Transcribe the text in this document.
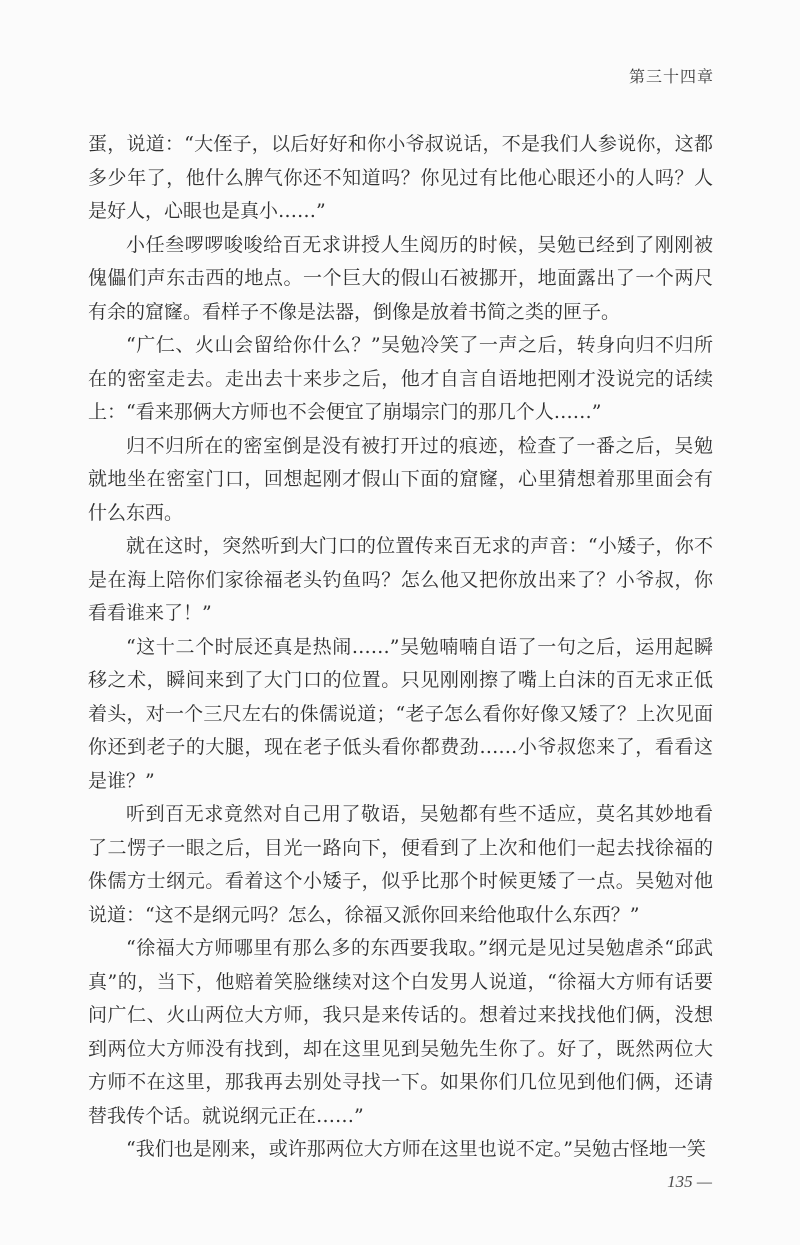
第三十四章

蛋，说道：“大侄子，以后好好和你小爷叔说话，不是我们人参说你，这都多少年了，他什么脾气你还不知道吗？你见过有比他心眼还小的人吗？人是好人，心眼也是真小……”

小任叁啰啰唆唆给百无求讲授人生阅历的时候，吴勉已经到了刚刚被傀儡们声东击西的地点。一个巨大的假山石被挪开，地面露出了一个两尺有余的窟窿。看样子不像是法器，倒像是放着书简之类的匣子。

“广仁、火山会留给你什么？”吴勉冷笑了一声之后，转身向归不归所在的密室走去。走出去十来步之后，他才自言自语地把刚才没说完的话续上：“看来那俩大方师也不会便宜了崩塌宗门的那几个人……”

归不归所在的密室倒是没有被打开过的痕迹，检查了一番之后，吴勉就地坐在密室门口，回想起刚才假山下面的窟窿，心里猜想着那里面会有什么东西。

就在这时，突然听到大门口的位置传来百无求的声音：“小矮子，你不是在海上陪你们家徐福老头钓鱼吗？怎么他又把你放出来了？小爷叔，你看看谁来了！”

“这十二个时辰还真是热闹……”吴勉喃喃自语了一句之后，运用起瞬移之术，瞬间来到了大门口的位置。只见刚刚擦了嘴上白沫的百无求正低着头，对一个三尺左右的侏儒说道；“老子怎么看你好像又矮了？上次见面你还到老子的大腿，现在老子低头看你都费劲……小爷叔您来了，看看这是谁？”

听到百无求竟然对自己用了敬语，吴勉都有些不适应，莫名其妙地看了二愣子一眼之后，目光一路向下，便看到了上次和他们一起去找徐福的侏儒方士纲元。看着这个小矮子，似乎比那个时候更矮了一点。吴勉对他说道：“这不是纲元吗？怎么，徐福又派你回来给他取什么东西？”

“徐福大方师哪里有那么多的东西要我取。”纲元是见过吴勉虐杀“邱武真”的，当下，他赔着笑脸继续对这个白发男人说道，“徐福大方师有话要问广仁、火山两位大方师，我只是来传话的。想着过来找找他们俩，没想到两位大方师没有找到，却在这里见到吴勉先生你了。好了，既然两位大方师不在这里，那我再去别处寻找一下。如果你们几位见到他们俩，还请替我传个话。就说纲元正在……”

“我们也是刚来，或许那两位大方师在这里也说不定。”吴勉古怪地一笑

135 —
